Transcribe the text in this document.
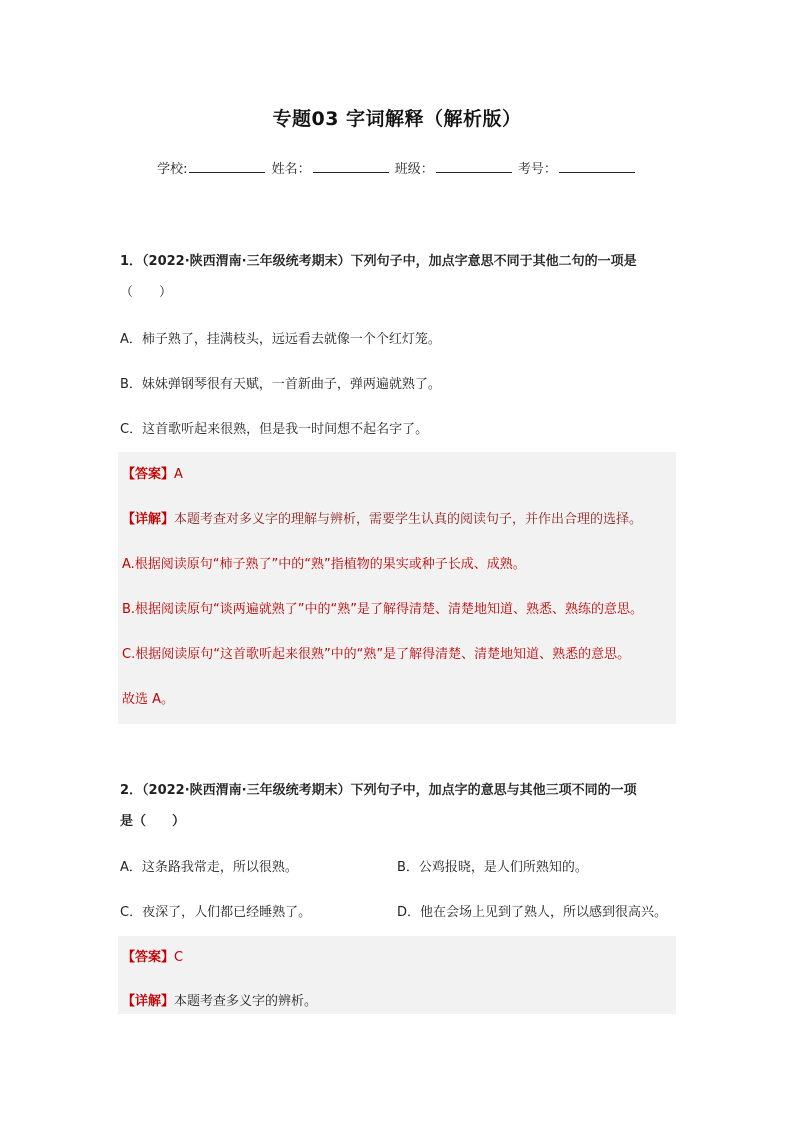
专题03 字词解释（解析版）
学校:	姓名：	班级：	考号：
1．（2022·陕西渭南·三年级统考期末）下列句子中，加点字意思不同于其他二句的一项是
（　　）
A．柿子熟了，挂满枝头，远远看去就像一个个红灯笼。
B．妹妹弹钢琴很有天赋，一首新曲子，弹两遍就熟了。
C．这首歌听起来很熟，但是我一时间想不起名字了。
【答案】A
【详解】本题考查对多义字的理解与辨析，需要学生认真的阅读句子，并作出合理的选择。
A.根据阅读原句“柿子熟了”中的“熟”指植物的果实或种子长成、成熟。
B.根据阅读原句“谈两遍就熟了”中的“熟”是了解得清楚、清楚地知道、熟悉、熟练的意思。
C.根据阅读原句“这首歌听起来很熟”中的“熟”是了解得清楚、清楚地知道、熟悉的意思。
故选 A。
2．（2022·陕西渭南·三年级统考期末）下列句子中，加点字的意思与其他三项不同的一项
是（　　）
A．这条路我常走，所以很熟。	B．公鸡报晓，是人们所熟知的。
C．夜深了，人们都已经睡熟了。	D．他在会场上见到了熟人，所以感到很高兴。
【答案】C
【详解】本题考查多义字的辨析。
